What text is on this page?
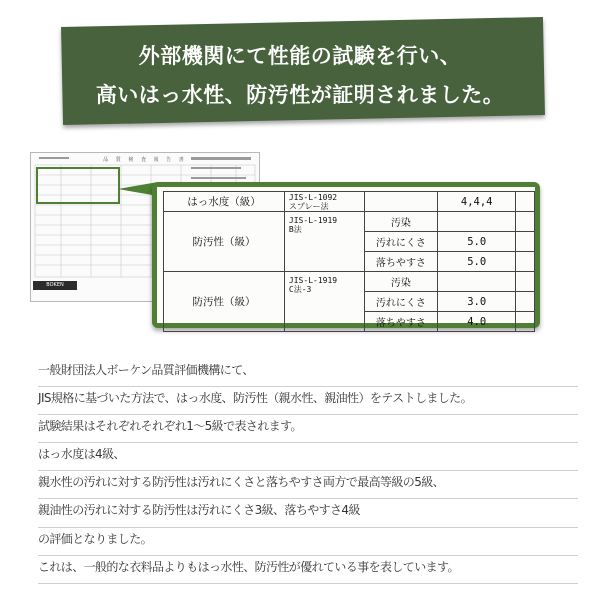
外部機関にて性能の試験を行い、
高いはっ水性、防汚性が証明されました。
品 質 検 査 報 告 書
BOKEN
はっ水度（級）	JIS-L-1092
スプレー法		4,4,4	
防汚性（級）	JIS-L-1919
B法	汚染		
		汚れにくさ	5.0	
		落ちやすさ	5.0	
防汚性（級）	JIS-L-1919
C法-3	汚染		
		汚れにくさ	3.0	
		落ちやすさ	4.0	
一般財団法人ボーケン品質評価機構にて、
JIS規格に基づいた方法で、はっ水度、防汚性（親水性、親油性）をテストしました。
試験結果はそれぞれそれぞれ1～5級で表されます。
はっ水度は4級、
親水性の汚れに対する防汚性は汚れにくさと落ちやすさ両方で最高等級の5級、
親油性の汚れに対する防汚性は汚れにくさ3級、落ちやすさ4級
の評価となりました。
これは、一般的な衣料品よりもはっ水性、防汚性が優れている事を表しています。
